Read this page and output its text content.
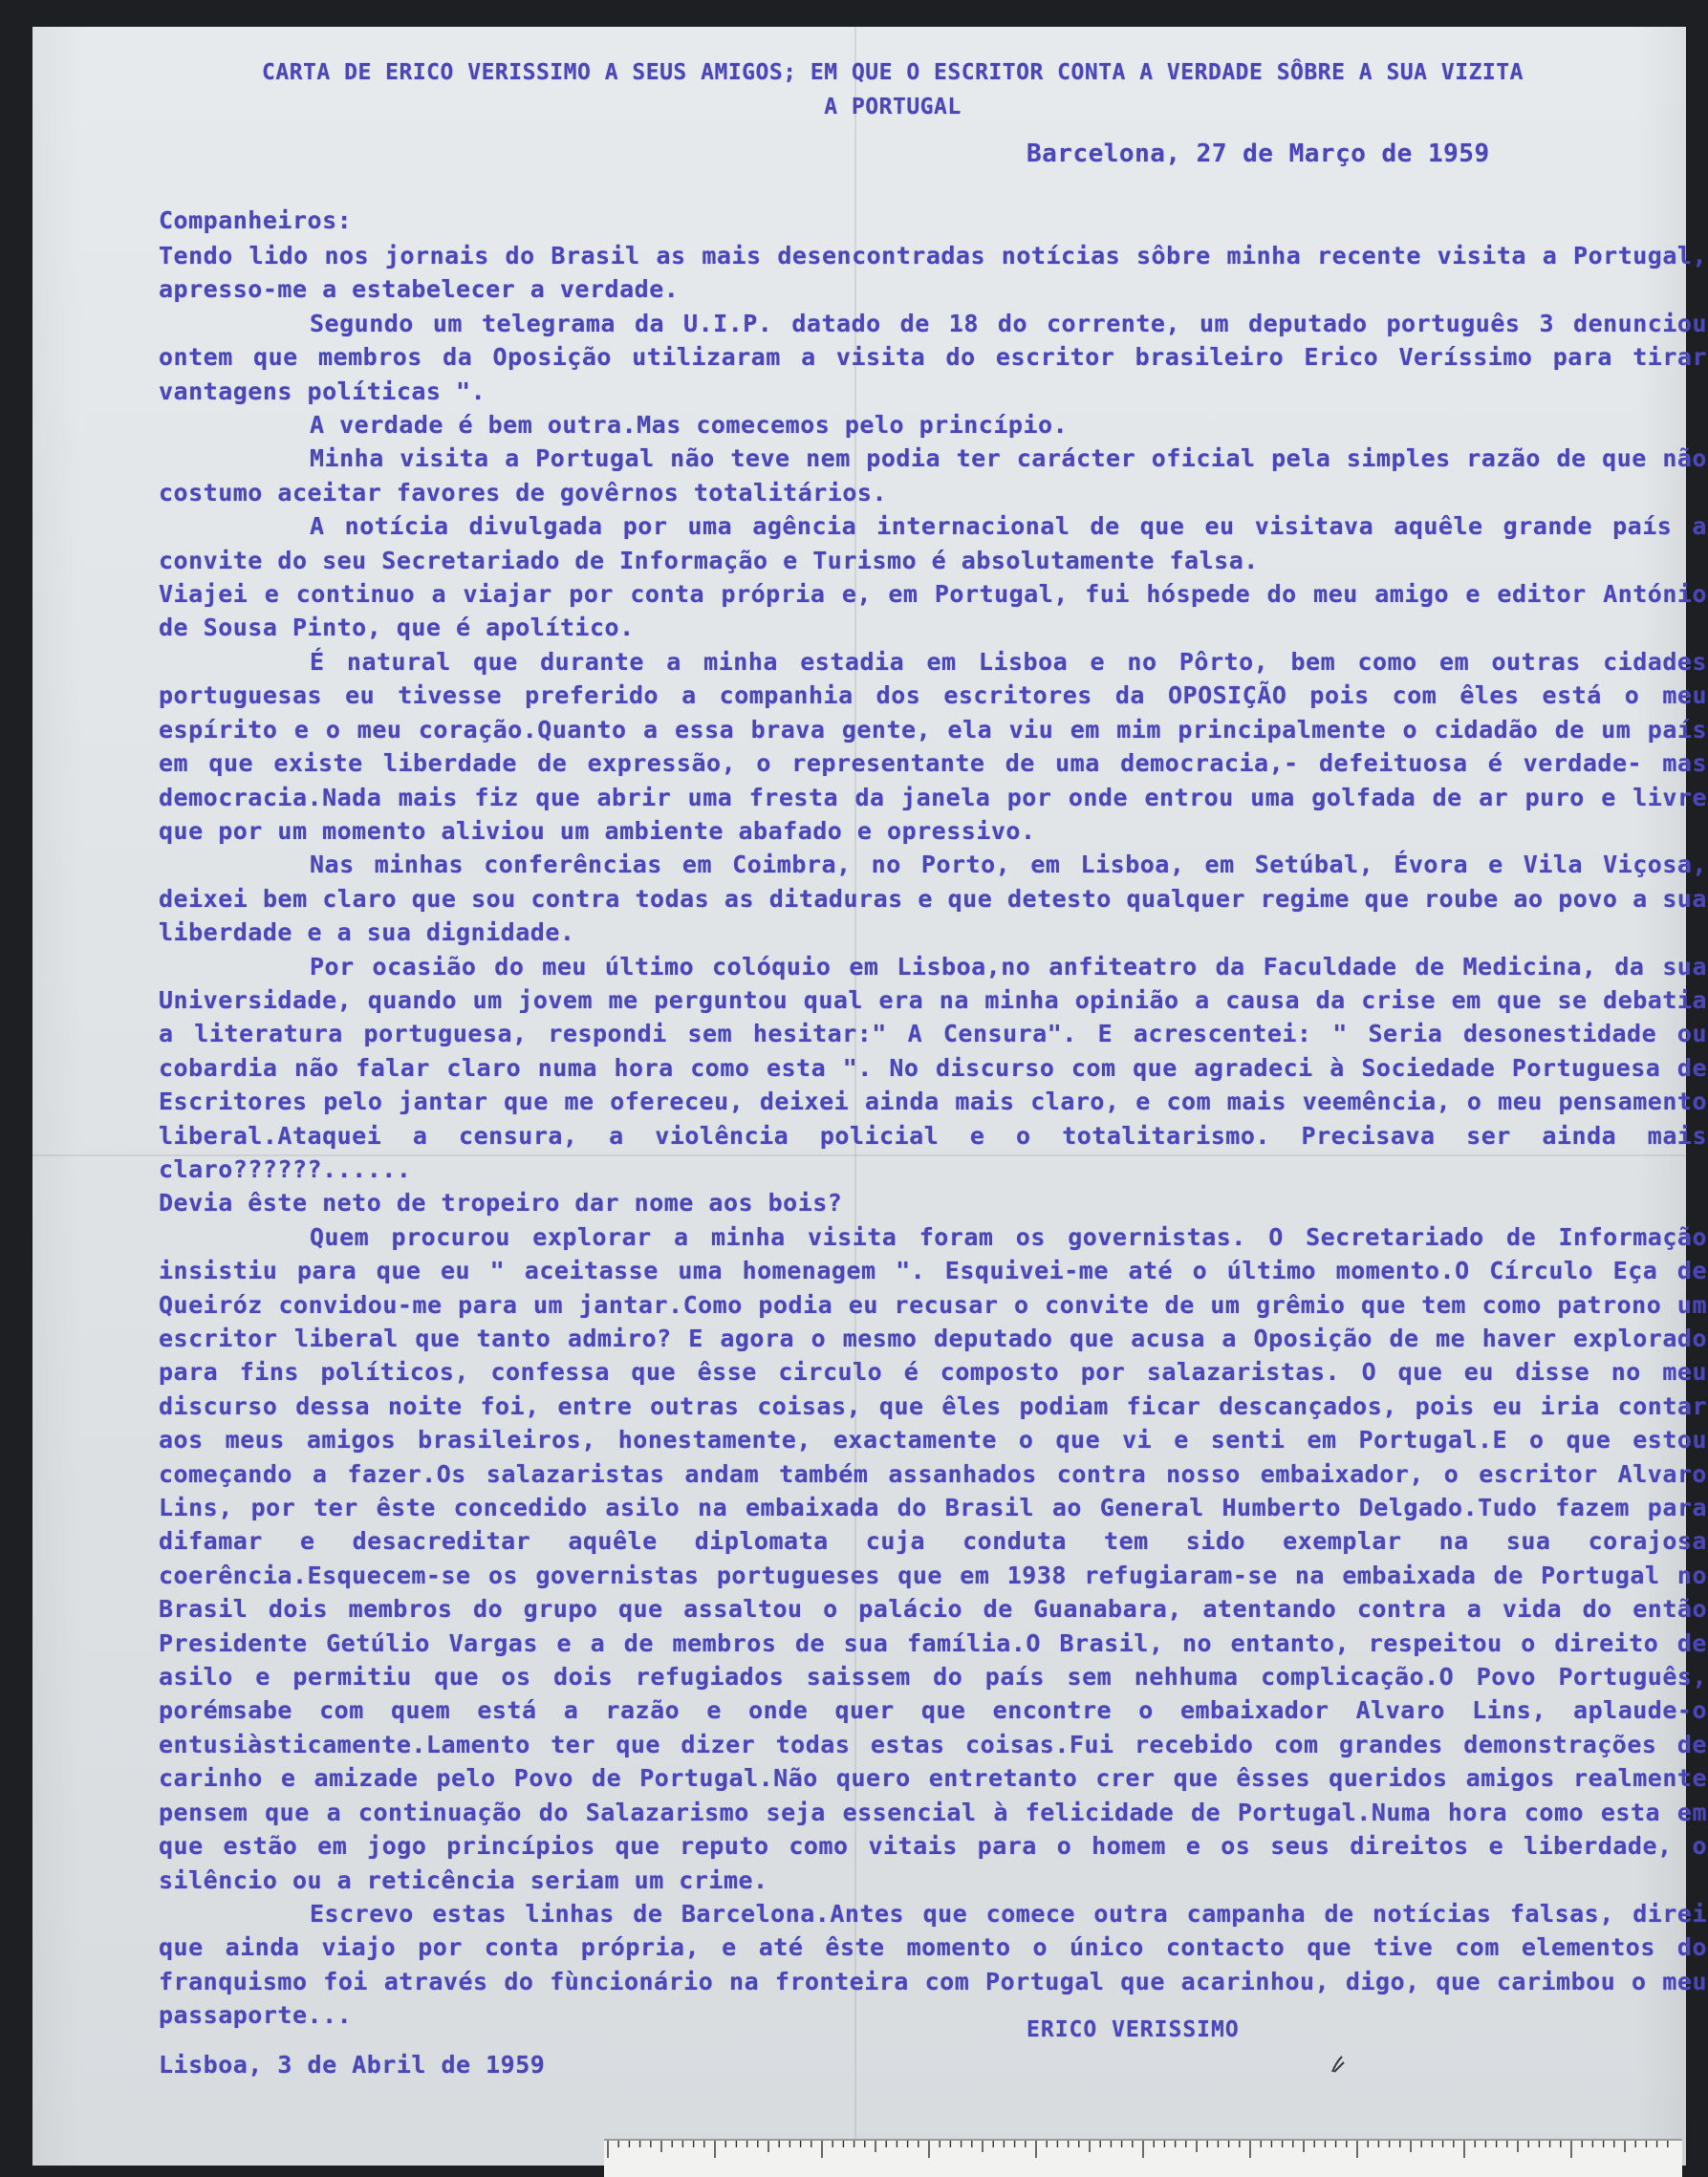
CARTA DE ERICO VERISSIMO A SEUS AMIGOS; EM QUE O ESCRITOR CONTA A VERDADE SÔBRE A SUA VIZITA
A PORTUGAL
Barcelona, 27 de Março de 1959
Companheiros:

Tendo lido nos jornais do Brasil as mais desencontradas notícias sôbre minha recente visita a Portugal, apresso-me a estabelecer a verdade.

Segundo um telegrama da U.I.P. datado de 18 do corrente, um deputado português 3 denunciou ontem que membros da Oposição utilizaram a visita do escritor brasileiro Erico Veríssimo para tirar vantagens políticas ".

A verdade é bem outra.Mas comecemos pelo princípio.

Minha visita a Portugal não teve nem podia ter carácter oficial pela simples razão de que não costumo aceitar favores de govêrnos totalitários.

A notícia divulgada por uma agência internacional de que eu visitava aquêle grande país a convite do seu Secretariado de Informação e Turismo é absolutamente falsa.

Viajei e continuo a viajar por conta própria e, em Portugal, fui hóspede do meu amigo e editor António de Sousa Pinto, que é apolítico.

É natural que durante a minha estadia em Lisboa e no Pôrto, bem como em outras cidades portuguesas eu tivesse preferido a companhia dos escritores da OPOSIÇÃO pois com êles está o meu espírito e o meu coração.Quanto a essa brava gente, ela viu em mim principalmente o cidadão de um país em que existe liberdade de expressão, o representante de uma democracia,- defeituosa é verdade- mas democracia.Nada mais fiz que abrir uma fresta da janela por onde entrou uma golfada de ar puro e livre que por um momento aliviou um ambiente abafado e opressivo.

Nas minhas conferências em Coimbra, no Porto, em Lisboa, em Setúbal, Évora e Vila Viçosa, deixei bem claro que sou contra todas as ditaduras e que detesto qualquer regime que roube ao povo a sua liberdade e a sua dignidade.

Por ocasião do meu último colóquio em Lisboa,no anfiteatro da Faculdade de Medicina, da sua Universidade, quando um jovem me perguntou qual era na minha opinião a causa da crise em que se debatia a literatura portuguesa, respondi sem hesitar:" A Censura". E acrescentei: " Seria desonestidade ou cobardia não falar claro numa hora como esta ". No discurso com que agradeci à Sociedade Portuguesa de Escritores pelo jantar que me ofereceu, deixei ainda mais claro, e com mais veemência, o meu pensamento liberal.Ataquei a censura, a violência policial e o totalitarismo. Precisava ser ainda mais claro??????......

Devia êste neto de tropeiro dar nome aos bois?

Quem procurou explorar a minha visita foram os governistas. O Secretariado de Informação insistiu para que eu " aceitasse uma homenagem ". Esquivei-me até o último momento.O Círculo Eça de Queiróz convidou-me para um jantar.Como podia eu recusar o convite de um grêmio que tem como patrono um escritor liberal que tanto admiro? E agora o mesmo deputado que acusa a Oposição de me haver explorado para fins políticos, confessa que êsse circulo é composto por salazaristas. O que eu disse no meu discurso dessa noite foi, entre outras coisas, que êles podiam ficar descançados, pois eu iria contar aos meus amigos brasileiros, honestamente, exactamente o que vi e senti em Portugal.E o que estou começando a fazer.Os salazaristas andam também assanhados contra nosso embaixador, o escritor Alvaro Lins, por ter êste concedido asilo na embaixada do Brasil ao General Humberto Delgado.Tudo fazem para difamar e desacreditar aquêle diplomata cuja conduta tem sido exemplar na sua corajosa coerência.Esquecem-se os governistas portugueses que em 1938 refugiaram-se na embaixada de Portugal no Brasil dois membros do grupo que assaltou o palácio de Guanabara, atentando contra a vida do então Presidente Getúlio Vargas e a de membros de sua família.O Brasil, no entanto, respeitou o direito de asilo e permitiu que os dois refugiados saissem do país sem nehhuma complicação.O Povo Português, porémsabe com quem está a razão e onde quer que encontre o embaixador Alvaro Lins, aplaude-o entusiàsticamente.Lamento ter que dizer todas estas coisas.Fui recebido com grandes demonstrações de carinho e amizade pelo Povo de Portugal.Não quero entretanto crer que êsses queridos amigos realmente pensem que a continuação do Salazarismo seja essencial à felicidade de Portugal.Numa hora como esta em que estão em jogo princípios que reputo como vitais para o homem e os seus direitos e liberdade, o silêncio ou a reticência seriam um crime.

Escrevo estas linhas de Barcelona.Antes que comece outra campanha de notícias falsas, direi que ainda viajo por conta própria, e até êste momento o único contacto que tive com elementos do franquismo foi através do fùncionário na fronteira com Portugal que acarinhou, digo, que carimbou o meu passaporte...

ERICO VERISSIMO
Lisboa, 3 de Abril de 1959
